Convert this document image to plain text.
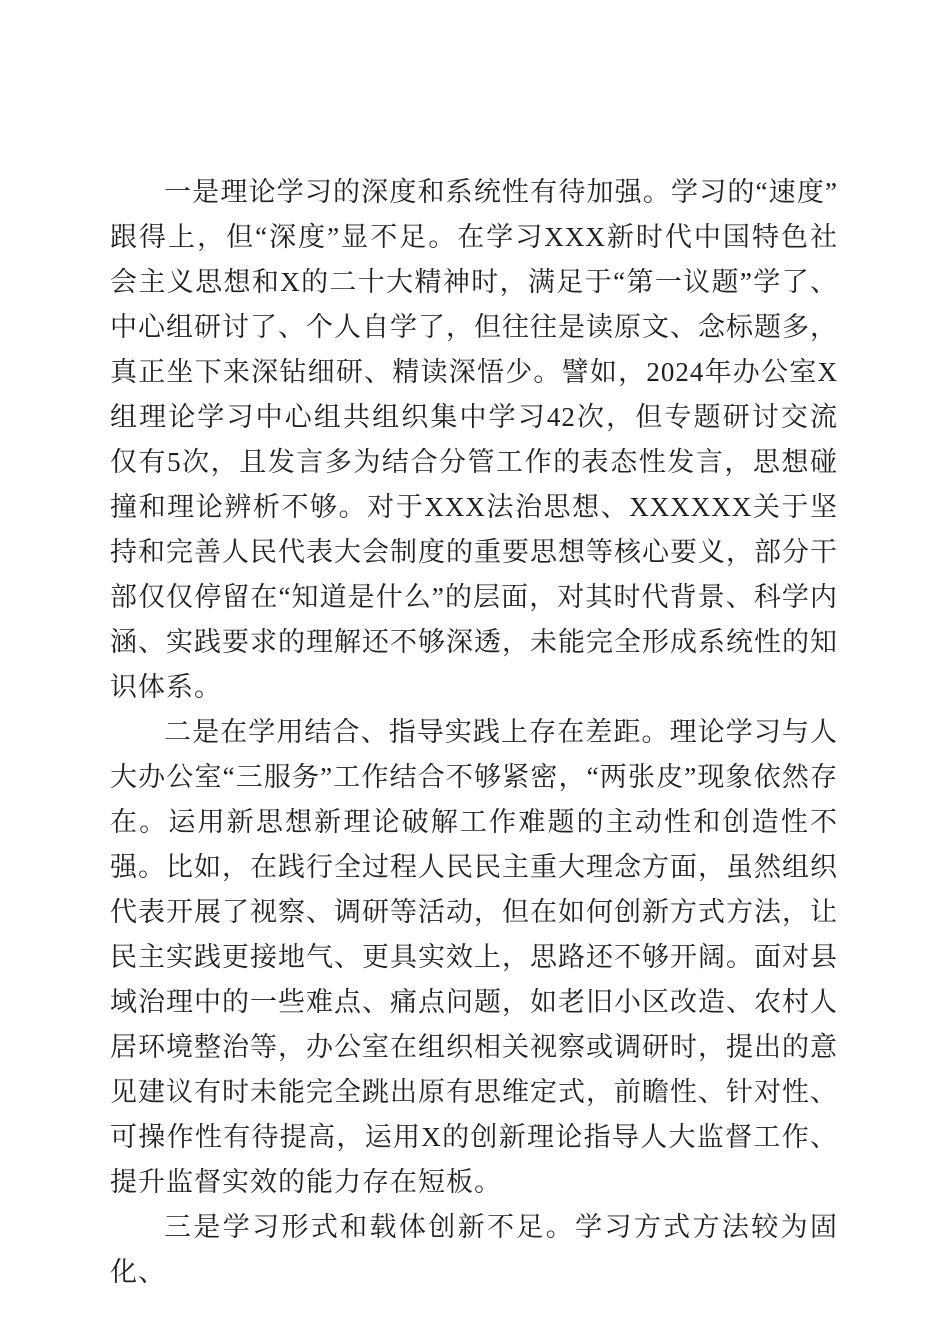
一是理论学习的深度和系统性有待加强。学习的“速度”跟得上，但“深度”显不足。在学习XXX新时代中国特色社会主义思想和X的二十大精神时，满足于“第一议题”学了、中心组研讨了、个人自学了，但往往是读原文、念标题多，真正坐下来深钻细研、精读深悟少。譬如，2024年办公室X组理论学习中心组共组织集中学习42次，但专题研讨交流仅有5次，且发言多为结合分管工作的表态性发言，思想碰撞和理论辨析不够。对于XXX法治思想、XXXXXX关于坚持和完善人民代表大会制度的重要思想等核心要义，部分干部仅仅停留在“知道是什么”的层面，对其时代背景、科学内涵、实践要求的理解还不够深透，未能完全形成系统性的知识体系。

二是在学用结合、指导实践上存在差距。理论学习与人大办公室“三服务”工作结合不够紧密，“两张皮”现象依然存在。运用新思想新理论破解工作难题的主动性和创造性不强。比如，在践行全过程人民民主重大理念方面，虽然组织代表开展了视察、调研等活动，但在如何创新方式方法，让民主实践更接地气、更具实效上，思路还不够开阔。面对县域治理中的一些难点、痛点问题，如老旧小区改造、农村人居环境整治等，办公室在组织相关视察或调研时，提出的意见建议有时未能完全跳出原有思维定式，前瞻性、针对性、可操作性有待提高，运用X的创新理论指导人大监督工作、提升监督实效的能力存在短板。

三是学习形式和载体创新不足。学习方式方法较为固化、
